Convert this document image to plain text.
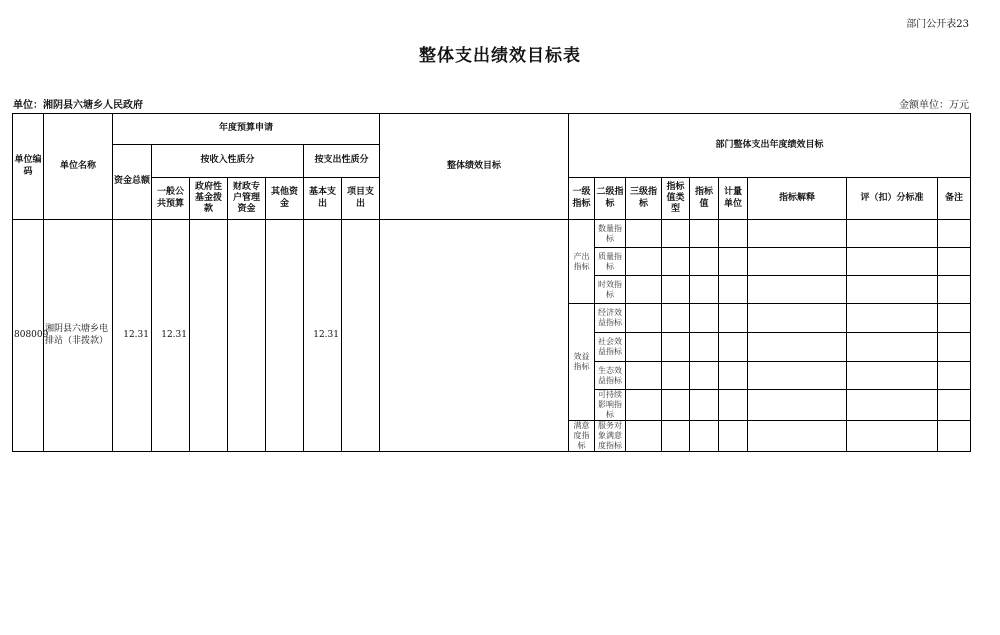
部门公开表23
整体支出绩效目标表
单位：湘阴县六塘乡人民政府	金额单位：万元
单位编码	单位名称	年度预算申请							整体绩效目标	部门整体支出年度绩效目标								
		资金总额	按收入性质分				按支出性质分											
			一般公共预算	政府性基金拨款	财政专户管理资金	其他资金	基本支出	项目支出		一级指标	二级指标	三级指标	指标值类型	指标值	计量单位	指标解释	评（扣）分标准	备注
808009	湘阴县六塘乡电排站（非拨款）	12.31	12.31				12.31			产出指标	数量指标							
											质量指标							
											时效指标							
										效益指标	经济效益指标							
											社会效益指标							
											生态效益指标							
											可持续影响指标							
										满意度指标	服务对象满意度指标							
